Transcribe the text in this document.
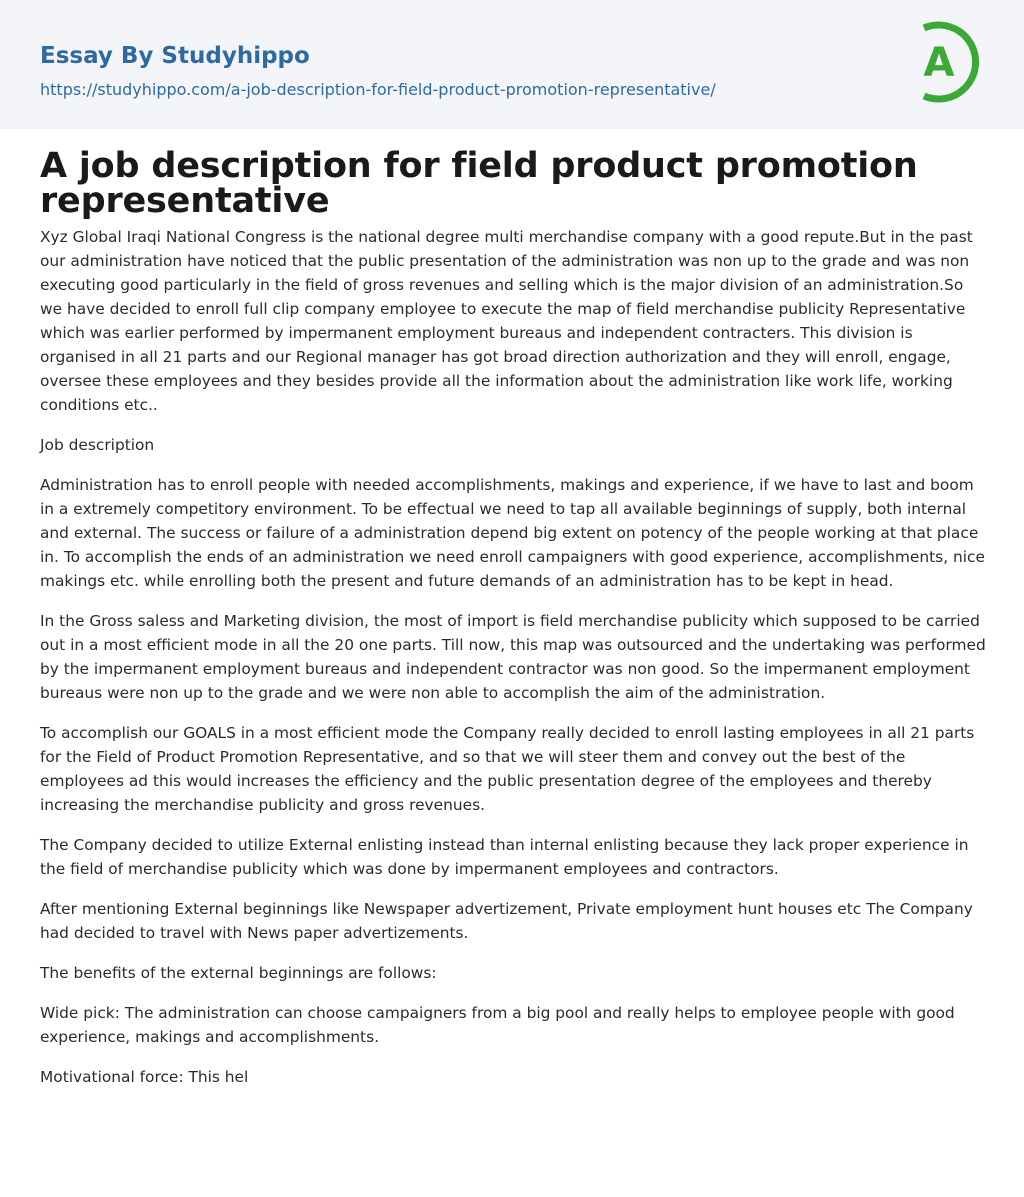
Essay By Studyhippo
https://studyhippo.com/a-job-description-for-field-product-promotion-representative/
A
A job description for field product promotion representative

Xyz Global Iraqi National Congress is the national degree multi merchandise company with a good repute.But in the past our administration have noticed that the public presentation of the administration was non up to the grade and was non executing good particularly in the field of gross revenues and selling which is the major division of an administration.So we have decided to enroll full clip company employee to execute the map of field merchandise publicity Representative which was earlier performed by impermanent employment bureaus and independent contracters. This division is organised in all 21 parts and our Regional manager has got broad direction authorization and they will enroll, engage, oversee these employees and they besides provide all the information about the administration like work life, working conditions etc..

Job description

Administration has to enroll people with needed accomplishments, makings and experience, if we have to last and boom in a extremely competitory environment. To be effectual we need to tap all available beginnings of supply, both internal and external. The success or failure of a administration depend big extent on potency of the people working at that place in. To accomplish the ends of an administration we need enroll campaigners with good experience, accomplishments, nice makings etc. while enrolling both the present and future demands of an administration has to be kept in head.

In the Gross saless and Marketing division, the most of import is field merchandise publicity which supposed to be carried out in a most efficient mode in all the 20 one parts. Till now, this map was outsourced and the undertaking was performed by the impermanent employment bureaus and independent contractor was non good. So the impermanent employment bureaus were non up to the grade and we were non able to accomplish the aim of the administration.

To accomplish our GOALS in a most efficient mode the Company really decided to enroll lasting employees in all 21 parts for the Field of Product Promotion Representative, and so that we will steer them and convey out the best of the employees ad this would increases the efficiency and the public presentation degree of the employees and thereby increasing the merchandise publicity and gross revenues.

The Company decided to utilize External enlisting instead than internal enlisting because they lack proper experience in the field of merchandise publicity which was done by impermanent employees and contractors.

After mentioning External beginnings like Newspaper advertizement, Private employment hunt houses etc The Company had decided to travel with News paper advertizements.

The benefits of the external beginnings are follows:

Wide pick: The administration can choose campaigners from a big pool and really helps to employee people with good experience, makings and accomplishments.

Motivational force: This hel
